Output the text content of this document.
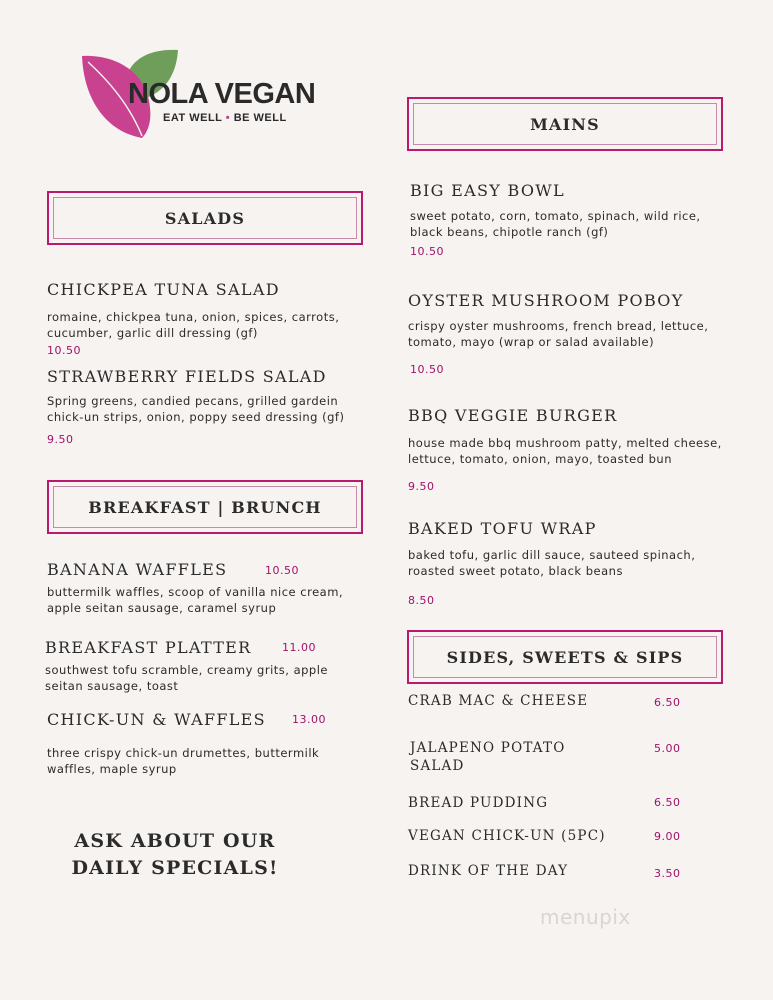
NOLA VEGAN
EAT WELL • BE WELL
SALADS
CHICKPEA TUNA SALAD
romaine, chickpea tuna, onion, spices, carrots, cucumber, garlic dill dressing (gf)
10.50
STRAWBERRY FIELDS SALAD
Spring greens, candied pecans, grilled gardein chick-un strips, onion, poppy seed dressing (gf)
9.50
BREAKFAST | BRUNCH
BANANA WAFFLES	10.50
buttermilk waffles, scoop of vanilla nice cream, apple seitan sausage, caramel syrup
BREAKFAST PLATTER	11.00
southwest tofu scramble, creamy grits, apple seitan sausage, toast
CHICK-UN & WAFFLES 13.00
three crispy chick-un drumettes, buttermilk waffles, maple syrup
ASK ABOUT OUR
DAILY SPECIALS!
MAINS
BIG EASY BOWL
sweet potato, corn, tomato, spinach, wild rice, black beans, chipotle ranch (gf)
10.50
OYSTER MUSHROOM POBOY
crispy oyster mushrooms, french bread, lettuce, tomato, mayo (wrap or salad available)
10.50
BBQ VEGGIE BURGER
house made bbq mushroom patty, melted cheese, lettuce, tomato, onion, mayo, toasted bun
9.50
BAKED TOFU WRAP
baked tofu, garlic dill sauce, sauteed spinach, roasted sweet potato, black beans
8.50
SIDES, SWEETS & SIPS
CRAB MAC & CHEESE	6.50
JALAPENO POTATO SALAD
5.00
BREAD PUDDING	6.50
VEGAN CHICK-UN (5PC)	9.00
DRINK OF THE DAY	3.50
menupix
